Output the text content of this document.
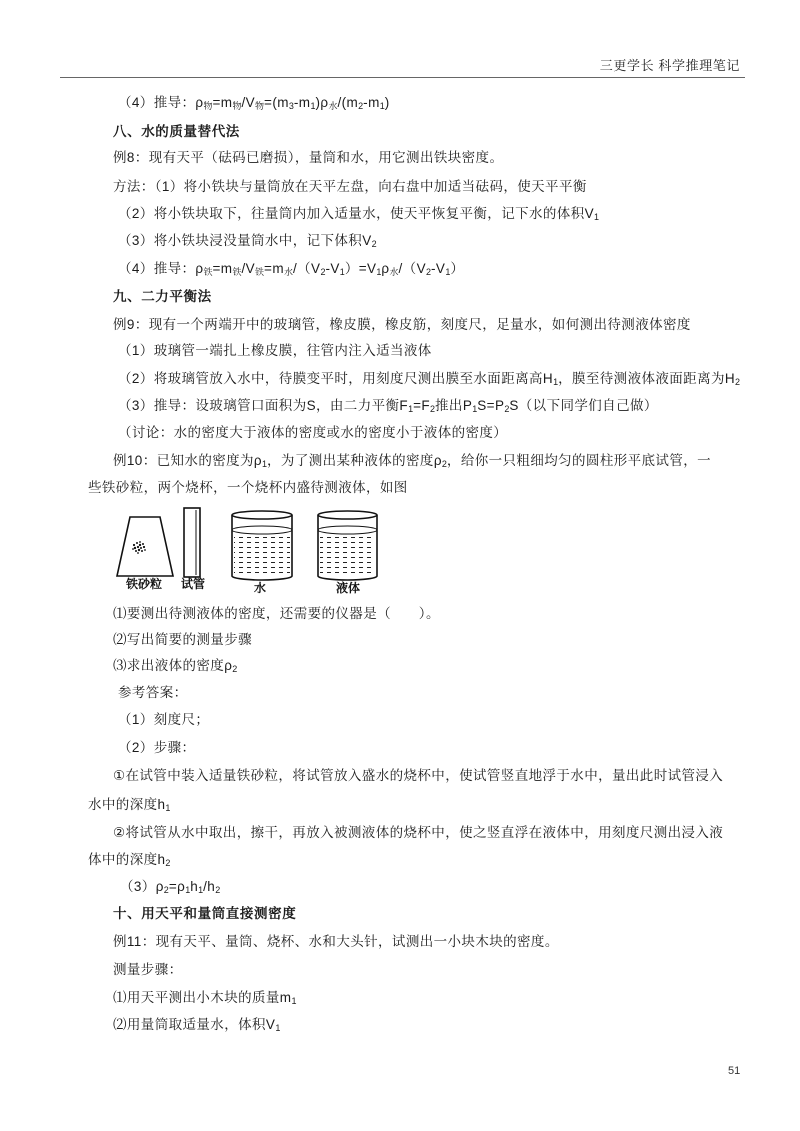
三更学长 科学推理笔记
（4）推导：$\rho_物=m_物/V_物=(m_3-m_1)\rho_水/(m_2-m_1)$
八、水的质量替代法
例8：现有天平（砝码已磨损），量筒和水，用它测出铁块密度。
方法：（1）将小铁块与量筒放在天平左盘，向右盘中加适当砝码，使天平平衡
（2）将小铁块取下，往量筒内加入适量水，使天平恢复平衡，记下水的体积$V_1$
（3）将小铁块浸没量筒水中，记下体积$V_2$
（4）推导：$\rho_铁=m_铁/V_铁=m_水/(V_2-V_1)=V_1\rho_水/(V_2-V_1)$
九、二力平衡法
例9：现有一个两端开中的玻璃管，橡皮膜，橡皮筋，刻度尺，足量水，如何测出待测液体密度
（1）玻璃管一端扎上橡皮膜，往管内注入适当液体
（2）将玻璃管放入水中，待膜变平时，用刻度尺测出膜至水面距离高$H_1$，膜至待测液体液面距离为$H_2$
（3）推导：设玻璃管口面积为S，由二力平衡$F_1=F_2$推出$P_1S=P_2S$（以下同学们自己做）
（讨论：水的密度大于液体的密度或水的密度小于液体的密度）
例10：已知水的密度为$\rho_1$，为了测出某种液体的密度$\rho_2$，给你一只粗细均匀的圆柱形平底试管，一
些铁砂粒，两个烧杯，一个烧杯内盛待测液体，如图
铁砂粒 试管	水	液体
⑴要测出待测液体的密度，还需要的仪器是（　　）。
⑵写出简要的测量步骤
⑶求出液体的密度$\rho_2$
参考答案：
（1）刻度尺；
（2）步骤：
①在试管中装入适量铁砂粒，将试管放入盛水的烧杯中，使试管竖直地浮于水中，量出此时试管浸入
水中的深度$h_1$
②将试管从水中取出，擦干，再放入被测液体的烧杯中，使之竖直浮在液体中，用刻度尺测出浸入液
体中的深度$h_2$
$(3)\rho_2=\rho_1h_1/h_2$
十、用天平和量筒直接测密度
例11：现有天平、量筒、烧杯、水和大头针，试测出一小块木块的密度。
测量步骤：
⑴用天平测出小木块的质量$m_1$
⑵用量筒取适量水，体积$V_1$
51
